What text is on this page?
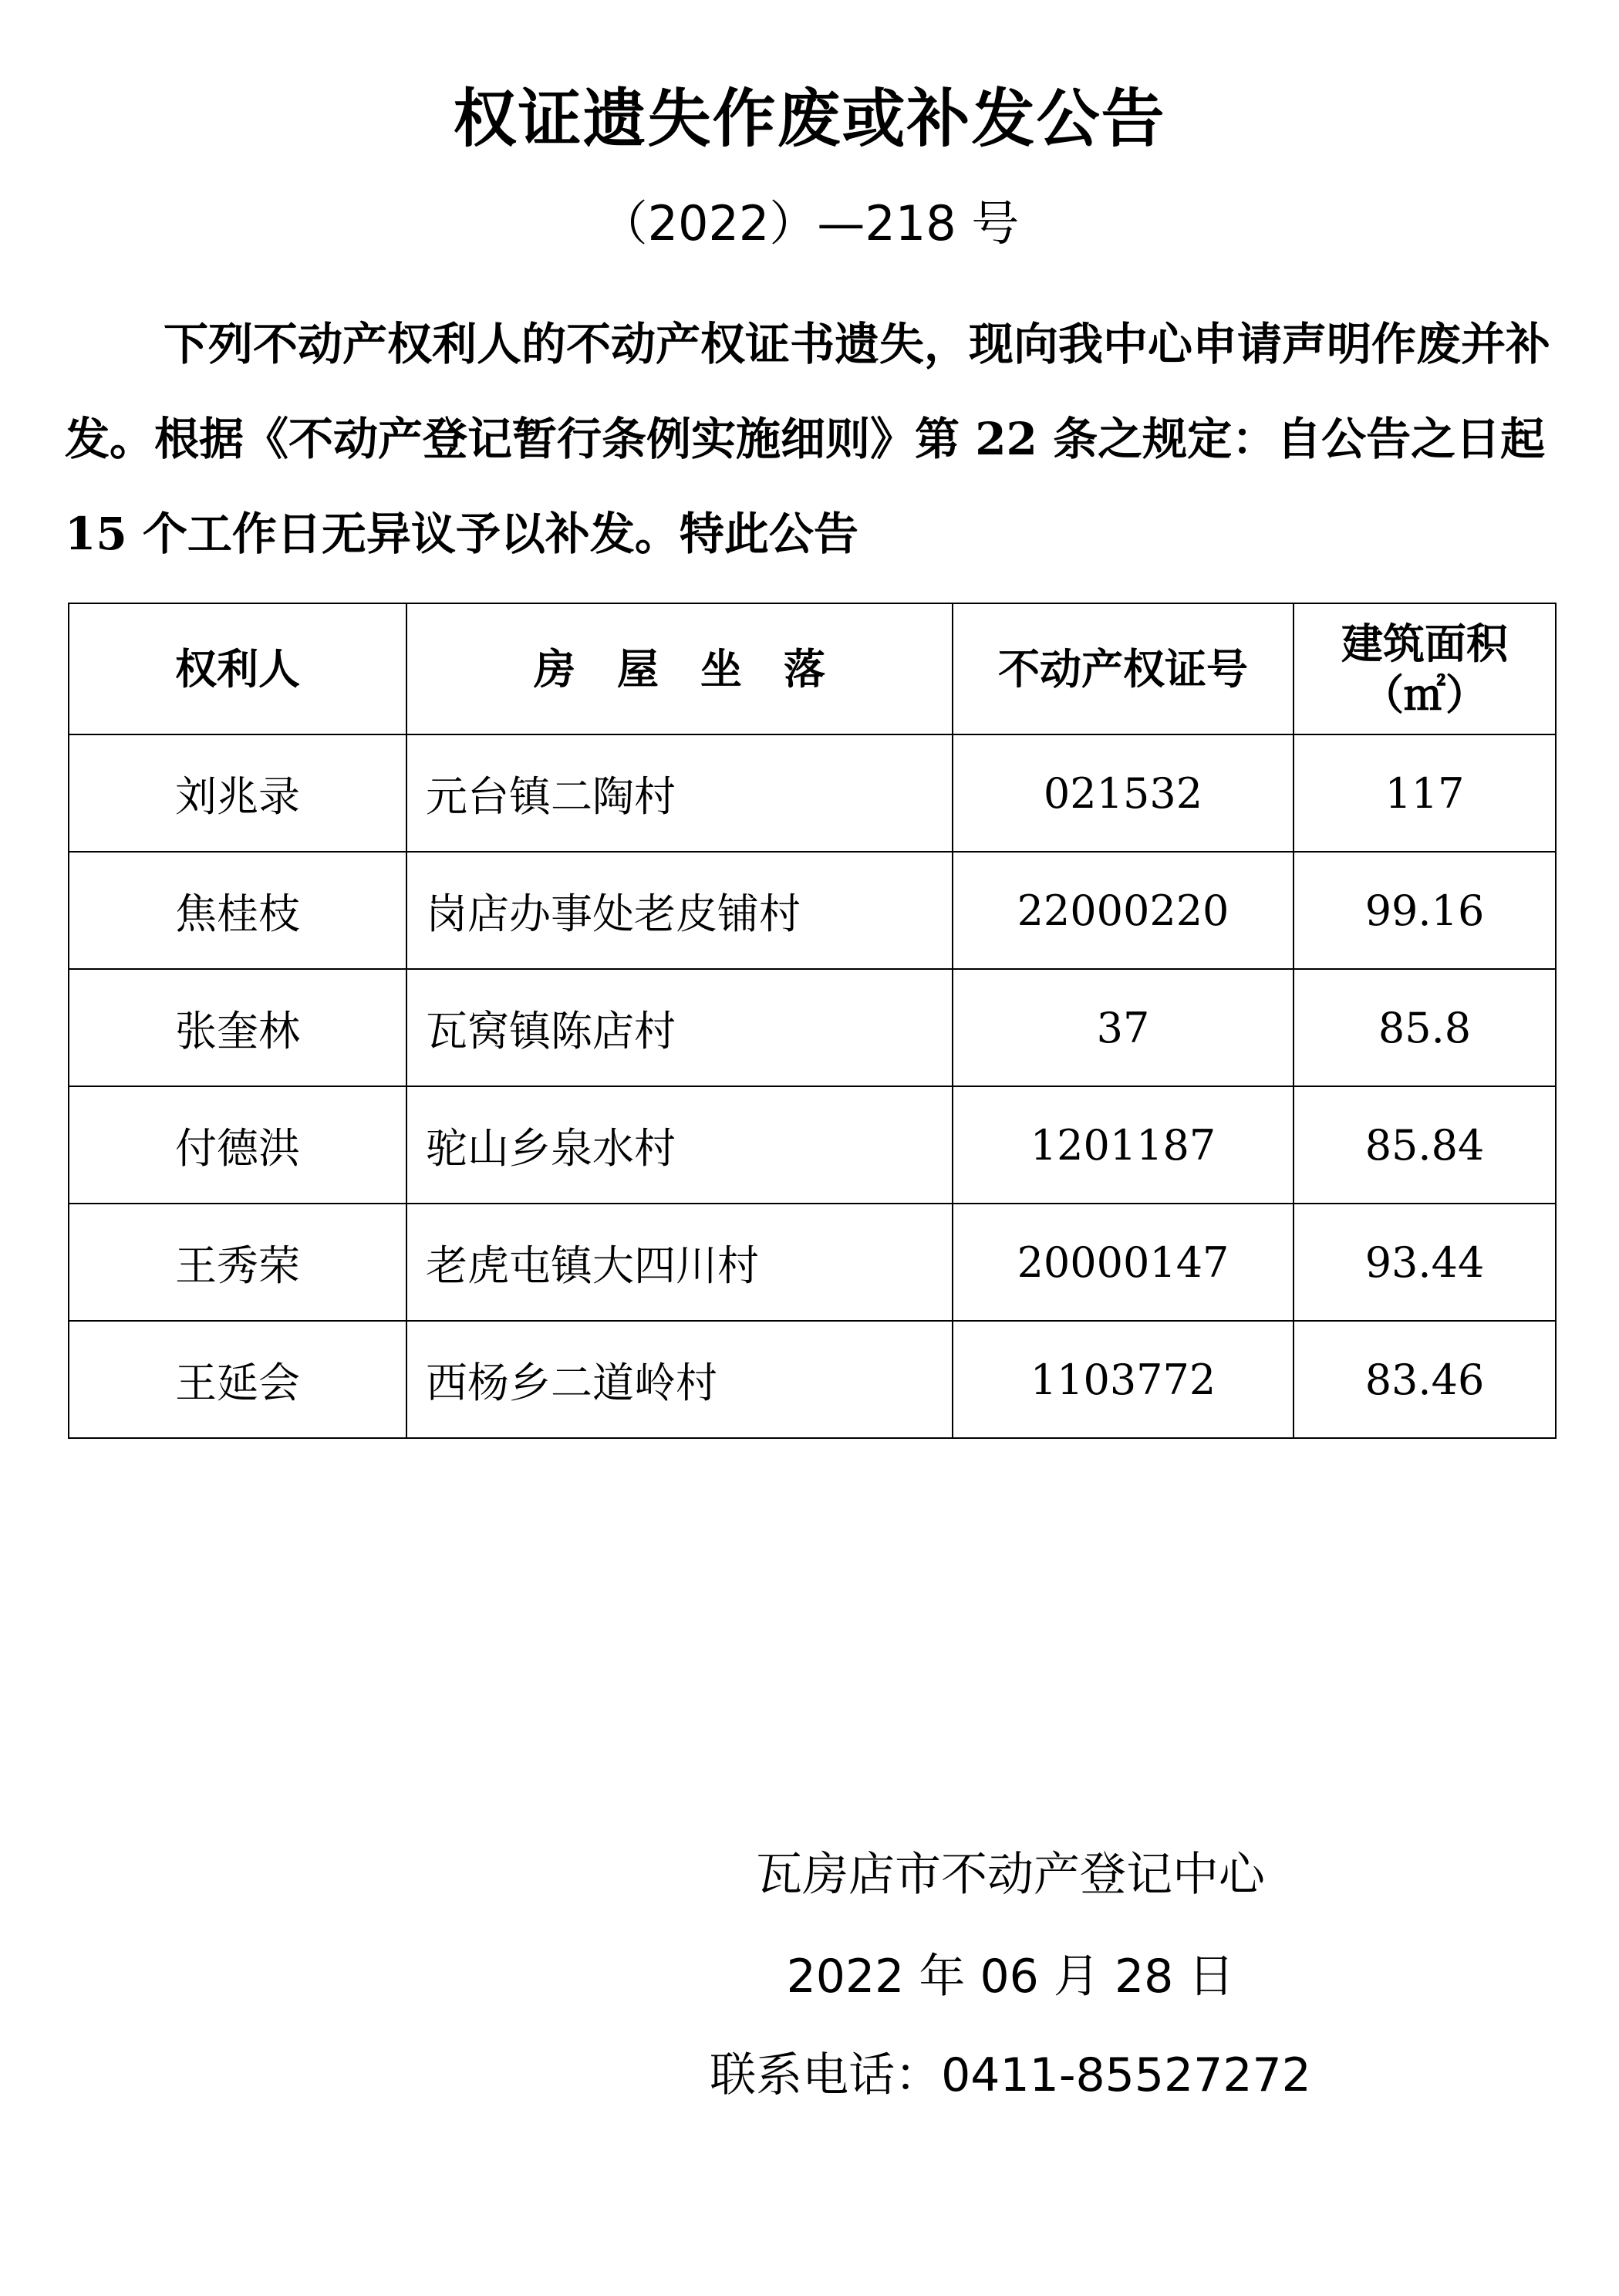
权证遗失作废或补发公告
（2022）—218 号
下列不动产权利人的不动产权证书遗失，现向我中心申请声明作废并补发。根据《不动产登记暂行条例实施细则》第 22 条之规定：自公告之日起 15 个工作日无异议予以补发。特此公告
权利人	房　屋　坐　落	不动产权证号	建筑面积
（㎡）

刘兆录	元台镇二陶村	021532	117
焦桂枝	岗店办事处老皮铺村	22000220	99.16
张奎林	瓦窝镇陈店村	37	85.8
付德洪	驼山乡泉水村	1201187	85.84
王秀荣	老虎屯镇大四川村	20000147	93.44
王延会	西杨乡二道岭村	1103772	83.46
瓦房店市不动产登记中心
2022 年 06 月 28 日
联系电话：0411-85527272
